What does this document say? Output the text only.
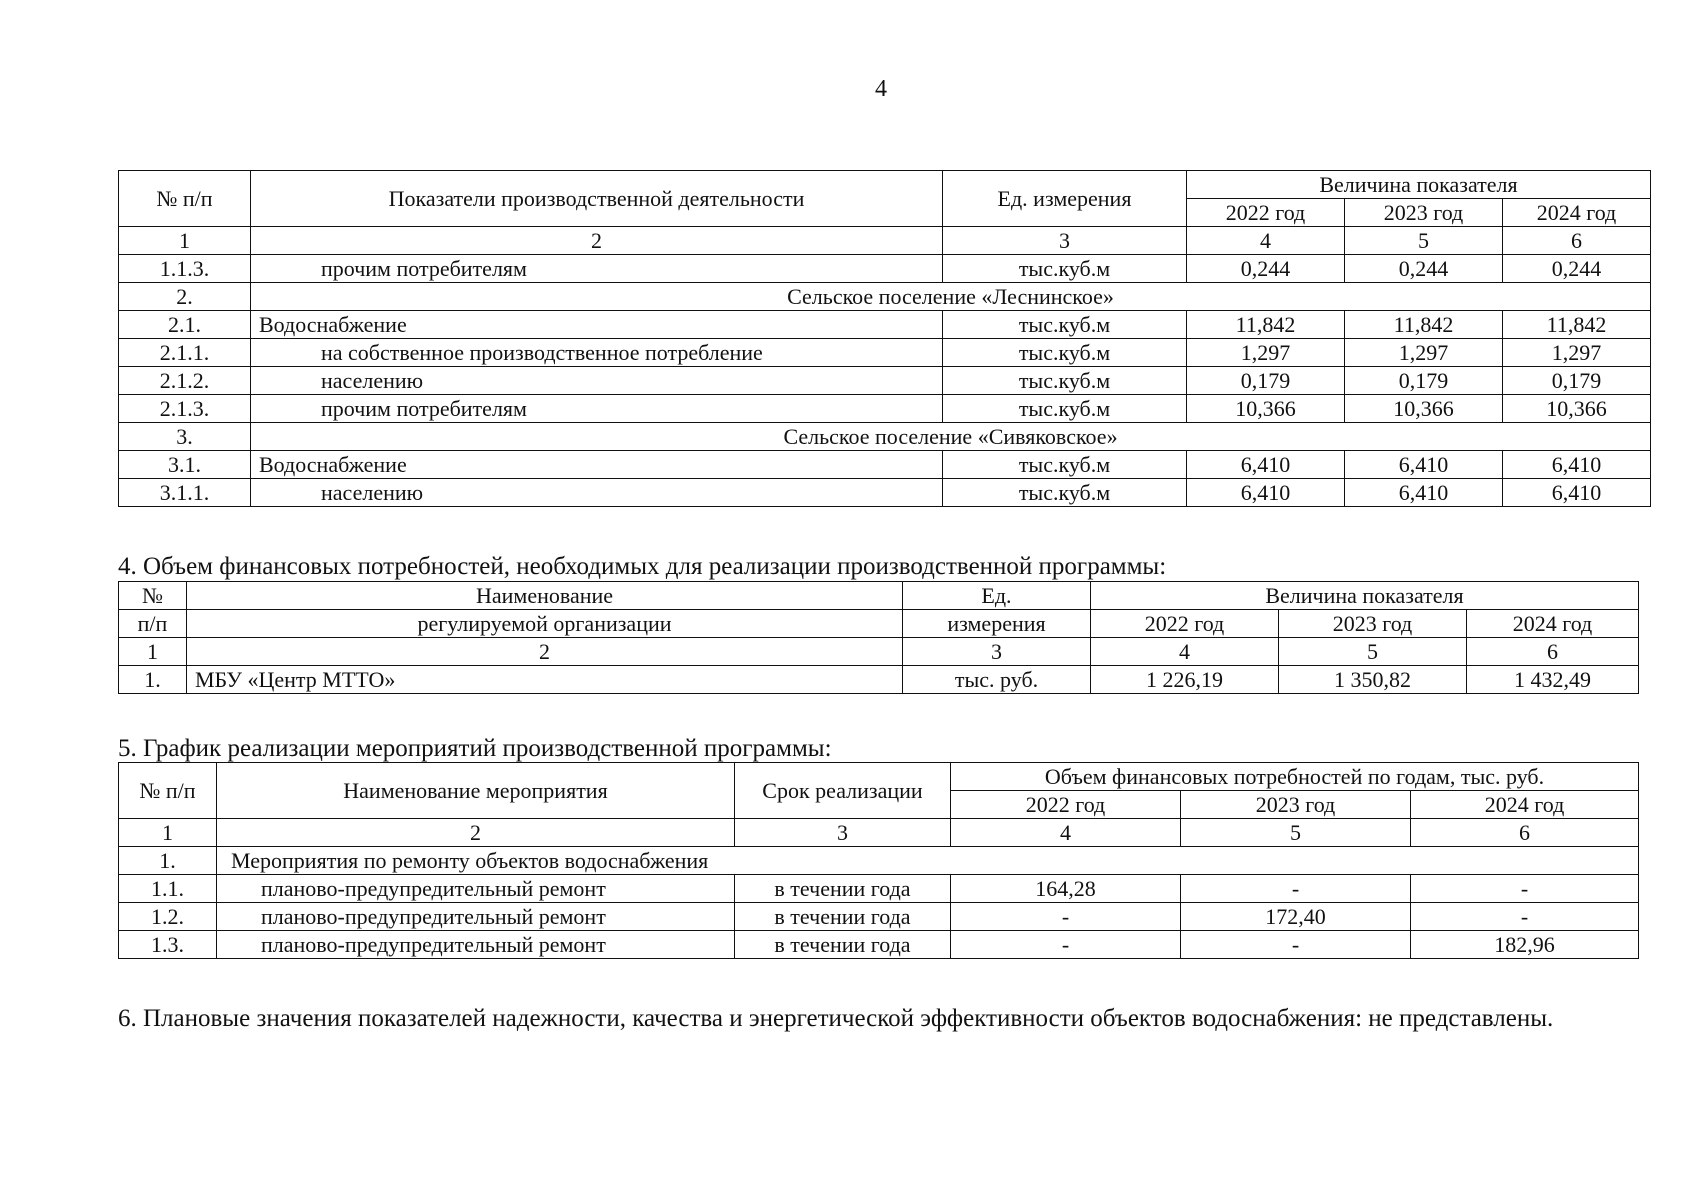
4
№ п/п	Показатели производственной деятельности	Ед. измерения	Величина показателя		
			2022 год	2023 год	2024 год
1	2	3	4	5	6
1.1.3.	прочим потребителям	тыс.куб.м	0,244	0,244	0,244
2.	Сельское поселение «Леснинское»				
2.1.	Водоснабжение	тыс.куб.м	11,842	11,842	11,842
2.1.1.	на собственное производственное потребление	тыс.куб.м	1,297	1,297	1,297
2.1.2.	населению	тыс.куб.м	0,179	0,179	0,179
2.1.3.	прочим потребителям	тыс.куб.м	10,366	10,366	10,366
3.	Сельское поселение «Сивяковское»				
3.1.	Водоснабжение	тыс.куб.м	6,410	6,410	6,410
3.1.1.	населению	тыс.куб.м	6,410	6,410	6,410
4. Объем финансовых потребностей, необходимых для реализации производственной программы:
№	Наименование	Ед.	Величина показателя		
п/п	регулируемой организации	измерения	2022 год	2023 год	2024 год
1	2	3	4	5	6
1.	МБУ «Центр МТТО»	тыс. руб.	1 226,19	1 350,82	1 432,49
5. График реализации мероприятий производственной программы:
№ п/п	Наименование мероприятия	Срок реализации	Объем финансовых потребностей по годам, тыс. руб.		
			2022 год	2023 год	2024 год
1	2	3	4	5	6
1.	Мероприятия по ремонту объектов водоснабжения				
1.1.	планово-предупредительный ремонт	в течении года	164,28	-	-
1.2.	планово-предупредительный ремонт	в течении года	-	172,40	-
1.3.	планово-предупредительный ремонт	в течении года	-	-	182,96
6. Плановые значения показателей надежности, качества и энергетической эффективности объектов водоснабжения: не представлены.
